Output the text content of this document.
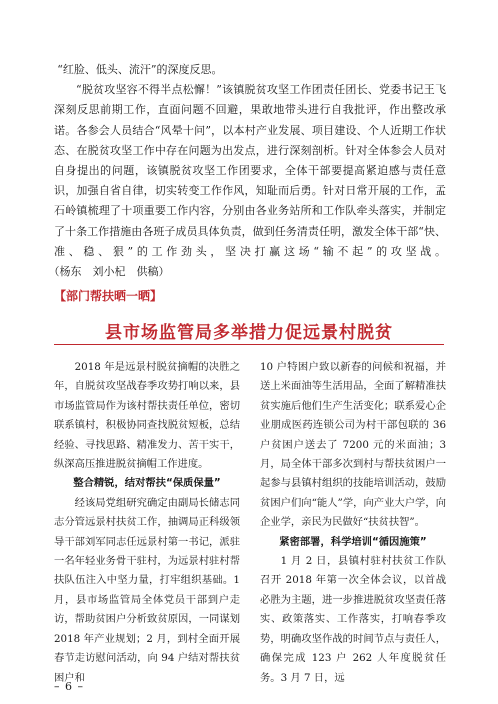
“红脸、低头、流汗”的深度反思。

“脱贫攻坚容不得半点松懈！”该镇脱贫攻坚工作团责任团长、党委书记王飞深刻反思前期工作，直面问题不回避，果敢地带头进行自我批评，作出整改承诺。各参会人员结合“风晕十问”，以本村产业发展、项目建设、个人近期工作状态、在脱贫攻坚工作中存在问题为出发点，进行深刻剖析。针对全体参会人员对自身提出的问题，该镇脱贫攻坚工作团要求，全体干部要提高紧迫感与责任意识，加强自省自律，切实转变工作作风，知耻而后勇。针对日常开展的工作，孟石岭镇梳理了十项重要工作内容，分别由各业务站所和工作队牵头落实，并制定了十条工作措施由各班子成员具体负责，做到任务清责任明，激发全体干部“快、准、稳、狠”的工作劲头，坚决打赢这场“输不起”的攻坚战。（杨东　刘小杞　供稿）

【部门帮扶晒一晒】
县市场监管局多举措力促远景村脱贫

2018 年是远景村脱贫摘帽的决胜之年，自脱贫攻坚战春季攻势打响以来，县市场监管局作为该村帮扶责任单位，密切联系镇村，积极协同查找脱贫短板，总结经验、寻找思路、精准发力、苦干实干，纵深高压推进脱贫摘帽工作进度。

整合精锐，结对帮扶“保质保量”

经该局党组研究确定由副局长储志同志分管远景村扶贫工作，抽调局正科级领导干部刘军同志任远景村第一书记，派驻一名年轻业务骨干驻村，为远景村驻村帮扶队伍注入中坚力量，打牢组织基础。1 月，县市场监管局全体党员干部到户走访，帮助贫困户分析致贫原因，一同谋划 2018 年产业规划；2 月，到村全面开展春节走访慰问活动，向 94 户结对帮扶贫困户和

10 户特困户致以新春的问候和祝福，并送上米面油等生活用品，全面了解精准扶贫实施后他们生产生活变化；联系爱心企业朋成医药连锁公司为村干部包联的 36 户贫困户送去了 7200 元的米面油；3 月，局全体干部多次到村与帮扶贫困户一起参与县镇村组织的技能培训活动，鼓励贫困户们向“能人”学，向产业大户学，向企业学，亲民为民做好“扶贫扶智”。

紧密部署，科学培训“循因施策”

1 月 2 日，县镇村驻村扶贫工作队召开 2018 年第一次全体会议，以首战必胜为主题，进一步推进脱贫攻坚责任落实、政策落实、工作落实，打响春季攻势，明确攻坚作战的时间节点与责任人，确保完成 123 户 262 人年度脱贫任务。3 月 7 日，远

– 6 –
